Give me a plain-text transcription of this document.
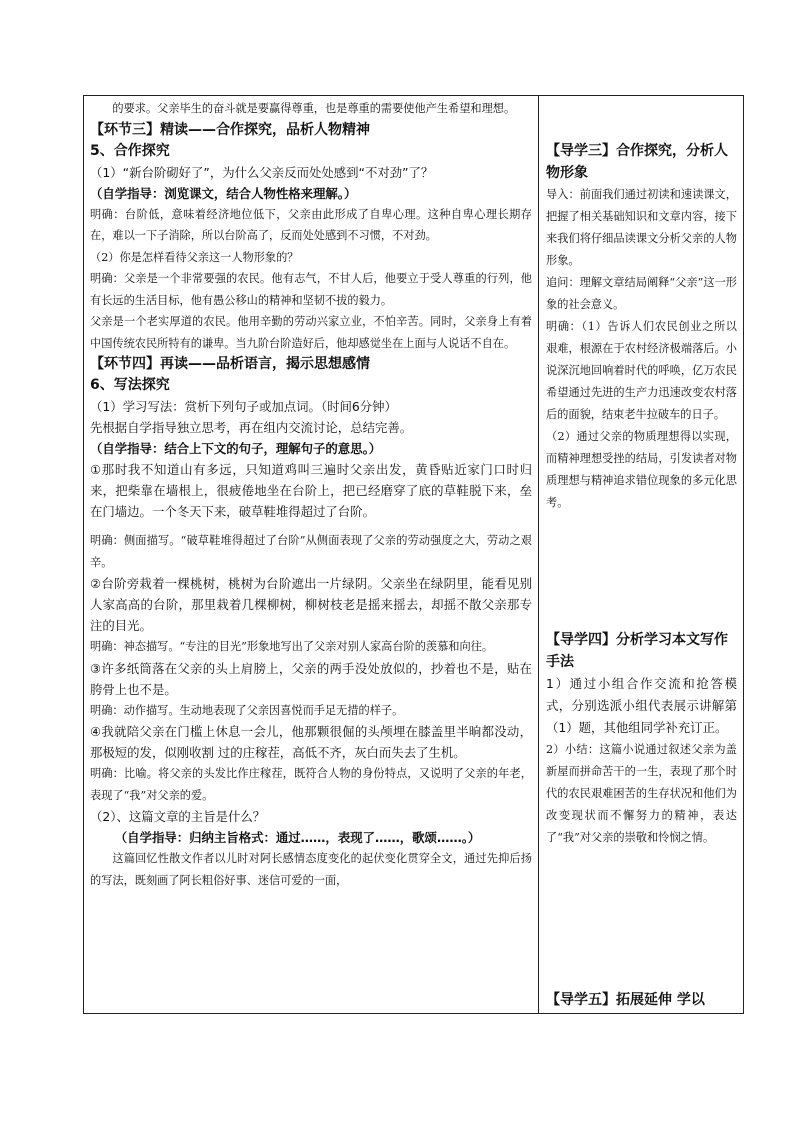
的要求。父亲毕生的奋斗就是要赢得尊重，也是尊重的需要使他产生希望和理想。

【环节三】精读——合作探究，品析人物精神

5、合作探究

（1）“新台阶砌好了”，为什么父亲反而处处感到“不对劲”了？

（自学指导：浏览课文，结合人物性格来理解。）

明确：台阶低，意味着经济地位低下，父亲由此形成了自卑心理。这种自卑心理长期存在，难以一下子消除，所以台阶高了，反而处处感到不习惯，不对劲。

（2）你是怎样看待父亲这一人物形象的？

明确：父亲是一个非常要强的农民。他有志气，不甘人后，他要立于受人尊重的行列，他有长远的生活目标，他有愚公移山的精神和坚韧不拔的毅力。

父亲是一个老实厚道的农民。他用辛勤的劳动兴家立业，不怕辛苦。同时，父亲身上有着中国传统农民所特有的谦卑。当九阶台阶造好后，他却感觉坐在上面与人说话不自在。

【环节四】再读——品析语言，揭示思想感情

6、写法探究

（1）学习写法：赏析下列句子或加点词。（时间6分钟）

先根据自学指导独立思考，再在组内交流讨论，总结完善。

（自学指导：结合上下文的句子，理解句子的意思。）

①那时我不知道山有多远，只知道鸡叫三遍时父亲出发，黄昏贴近家门口时归来，把柴靠在墙根上，很疲倦地坐在台阶上，把已经磨穿了底的草鞋脱下来，垒在门墙边。一个冬天下来，破草鞋堆得超过了台阶。

明确：侧面描写。“破草鞋堆得超过了台阶”从侧面表现了父亲的劳动强度之大，劳动之艰辛。

②台阶旁栽着一棵桃树，桃树为台阶遮出一片绿阴。父亲坐在绿阴里，能看见别人家高高的台阶，那里栽着几棵柳树，柳树枝老是摇来摇去，却摇不散父亲那专注的目光。

明确：神态描写。“专注的目光”形象地写出了父亲对别人家高台阶的羡慕和向往。

③许多纸筒落在父亲的头上肩膀上，父亲的两手没处放似的，抄着也不是，贴在胯骨上也不是。

明确：动作描写。生动地表现了父亲因喜悦而手足无措的样子。

④我就陪父亲在门槛上休息一会儿，他那颗很倔的头颅埋在膝盖里半晌都没动，那极短的发，似刚收割 过的庄稼茬，高低不齐，灰白而失去了生机。

明确：比喻。将父亲的头发比作庄稼茬，既符合人物的身份特点，又说明了父亲的年老，表现了“我”对父亲的爱。

（2）、这篇文章的主旨是什么？

（自学指导：归纳主旨格式：通过……，表现了……，歌颂……。）

这篇回忆性散文作者以儿时对阿长感情态度变化的起伏变化贯穿全文，通过先抑后扬的写法，既刻画了阿长粗俗好事、迷信可爱的一面，

【导学三】合作探究，分析人物形象

导入：前面我们通过初读和速读课文，把握了相关基础知识和文章内容，接下来我们将仔细品读课文分析父亲的人物形象。

追问：理解文章结局阐释“父亲”这一形象的社会意义。

明确：（1）告诉人们农民创业之所以艰难，根源在于农村经济极端落后。小说深沉地回响着时代的呼唤，亿万农民希望通过先进的生产力迅速改变农村落后的面貌，结束老牛拉破车的日子。

（2）通过父亲的物质理想得以实现，而精神理想受挫的结局，引发读者对物质理想与精神追求错位现象的多元化思考。

【导学四】分析学习本文写作手法

1）通过小组合作交流和抢答模式，分别选派小组代表展示讲解第（1）题，其他组同学补充订正。

2）小结：这篇小说通过叙述父亲为盖新屋而拼命苦干的一生，表现了那个时代的农民艰难困苦的生存状况和他们为改变现状而不懈努力的精神，表达了“我”对父亲的崇敬和怜悯之情。

【导学五】拓展延伸 学以
